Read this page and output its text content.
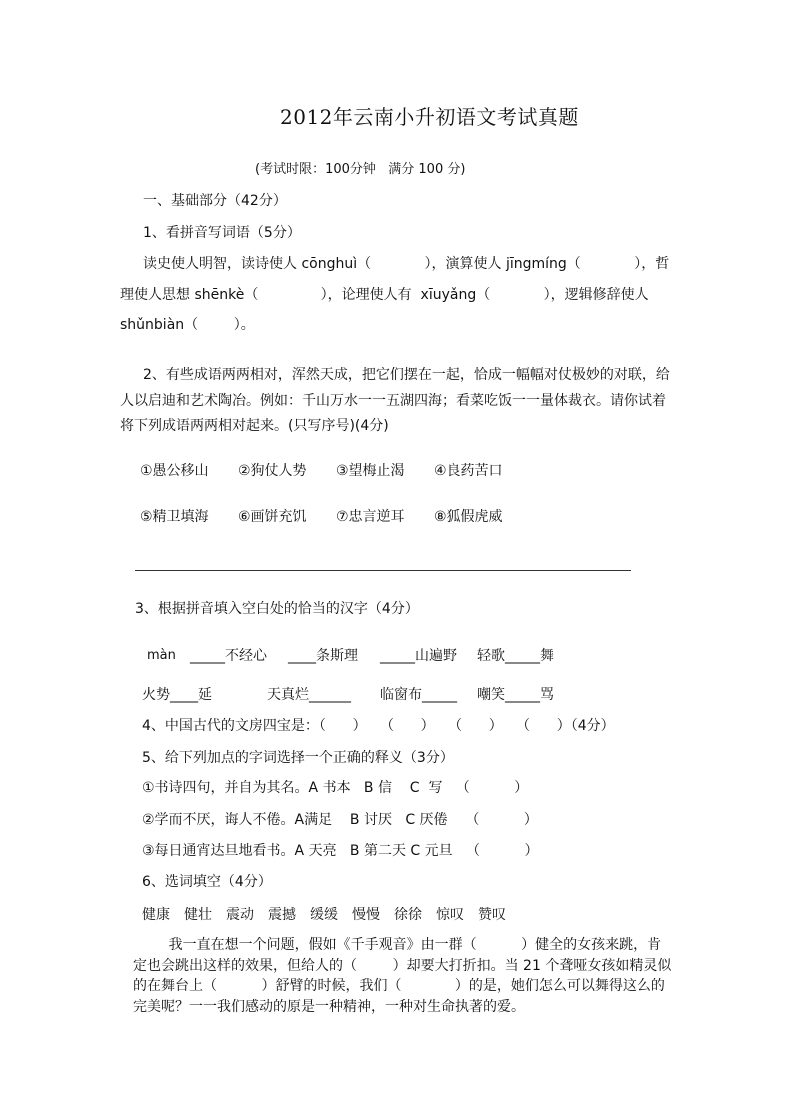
2012年云南小升初语文考试真题
(考试时限：100分钟   满分 100 分)
一、基础部分（42分）
1、看拼音写词语（5分）
读史使人明智，读诗使人 cōnghuì（            ），演算使人 jīngmíng（            ），哲
理使人思想 shēnkè（              ），论理使人有  xīuyǎng（            ），逻辑修辞使人
shǔnbiàn（        ）。
2、有些成语两两相对，浑然天成，把它们摆在一起，恰成一幅幅对仗极妙的对联，给
人以启迪和艺术陶冶。例如：千山万水一一五湖四海；看菜吃饭一一量体裁衣。请你试着
将下列成语两两相对起来。(只写序号)(4分)
①愚公移山 ②狗仗人势 ③望梅止渴 ④良药苦口
⑤精卫填海 ⑥画饼充饥 ⑦忠言逆耳 ⑧狐假虎威
3、根据拼音填入空白处的恰当的汉字（4分）
màn _____不经心 ____条斯理 _____山遍野 轻歌_____舞
火势____延	天真烂______ 临窗布_____ 嘲笑_____骂
4、中国古代的文房四宝是：（      ）   （      ）   （      ）   （      ）（4分）
5、给下列加点的字词选择一个正确的释义（3分）
①书诗四句，并自为其名。A 书本   B 信    C  写   （          ）
②学而不厌，诲人不倦。A满足    B 讨厌   C 厌倦    （          ）
③每日通宵达旦地看书。A 天亮   B 第二天 C 元旦   （          ）
6、选词填空（4分）
健康 健壮 震动 震撼 缓缓 慢慢 徐徐 惊叹 赞叹
我一直在想一个问题，假如《千手观音》由一群（          ）健全的女孩来跳，肯
定也会跳出这样的效果，但给人的（        ）却要大打折扣。当 21 个聋哑女孩如精灵似
的在舞台上（          ）舒臂的时候，我们（            ）的是，她们怎么可以舞得这么的
完美呢？一一我们感动的原是一种精神，一种对生命执著的爱。
